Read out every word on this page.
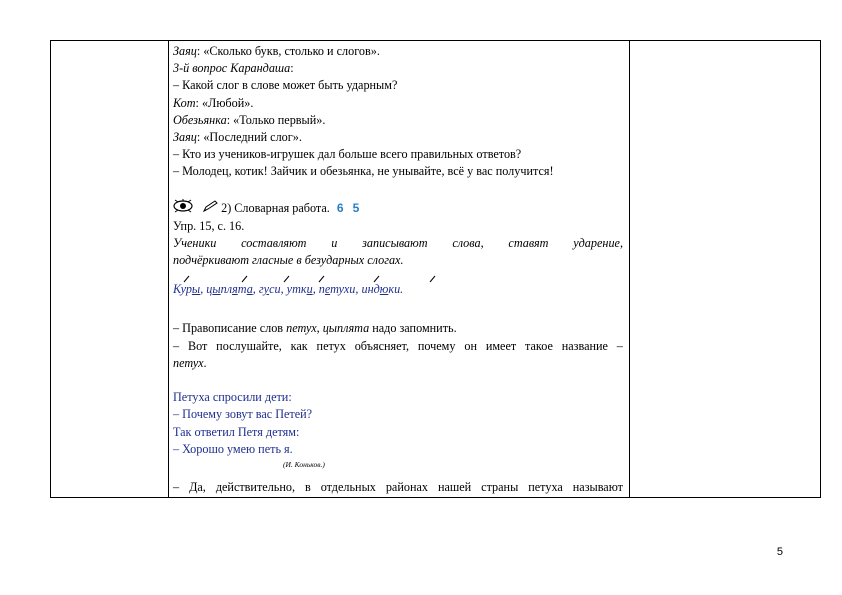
Заяц: «Сколько букв, столько и слогов».
3-й вопрос Карандаша:
– Какой слог в слове может быть ударным?
Кот: «Любой».
Обезьянка: «Только первый».
Заяц: «Последний слог».
– Кто из учеников-игрушек дал больше всего правильных ответов?
– Молодец, котик! Зайчик и обезьянка, не унывайте, всё у вас получится!
2) Словарная работа. 6 5
Упр. 15, с. 16.
Ученики составляют и записывают слова, ставят ударение,
подчёркивают гласные в безударных слогах.
Куры, цыплята, гуси, утки, петухи, индюки.
– Правописание слов петух, цыплята надо запомнить.
– Вот послушайте, как петух объясняет, почему он имеет такое название –
петух.
Петуха спросили дети:
– Почему зовут вас Петей?
Так ответил Петя детям:
– Хорошо умею петь я.
(И. Коньков.)
– Да, действительно, в отдельных районах нашей страны петуха называют
5
